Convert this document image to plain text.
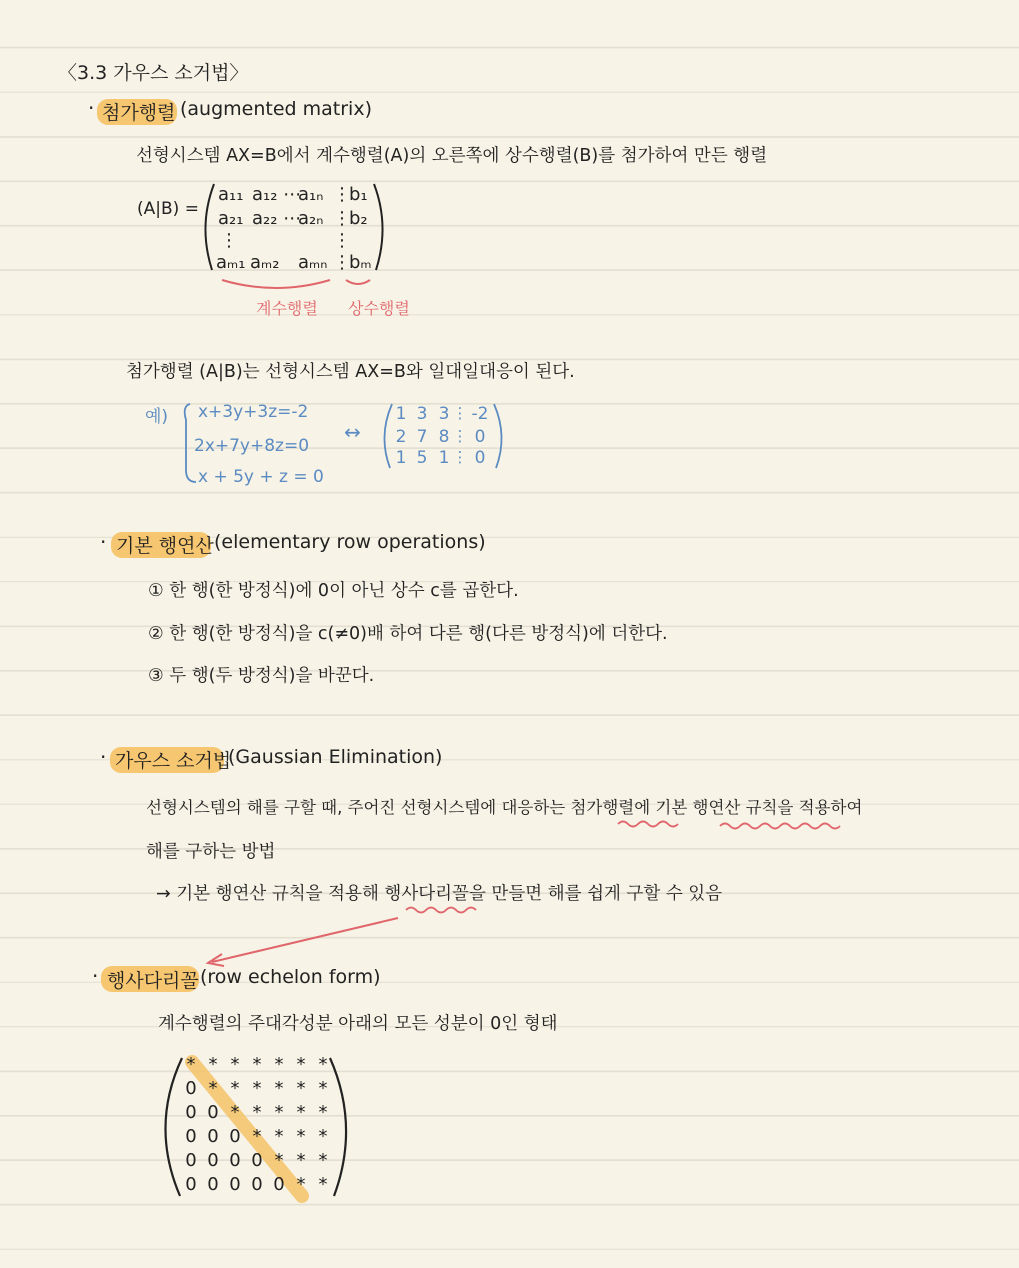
〈3.3 가우스 소거법〉
· 첨가행렬 (augmented matrix)
선형시스템 AX=B에서 계수행렬(A)의 오른쪽에 상수행렬(B)를 첨가하여 만든 행렬
(A|B) =
a₁₁ a₁₂ ⋯
a₁ₙ ⋮
b₁
a₂₁ a₂₂ ⋯
a₂ₙ ⋮
b₂
⋮	⋮
aₘ₁ aₘ₂ aₘₙ ⋮
bₘ
계수행렬 상수행렬
첨가행렬 (A|B)는 선형시스템 AX=B와 일대일대응이 된다.
예) x+3y+3z=-2
2x+7y+8z=0
x + 5y + z = 0
↔
1 3 3 ⋮ -2
2 7 8 ⋮ 0
1 5 1 ⋮ 0
· 기본 행연산 (elementary row operations)
① 한 행(한 방정식)에 0이 아닌 상수 c를 곱한다.
② 한 행(한 방정식)을 c(≠0)배 하여 다른 행(다른 방정식)에 더한다.
③ 두 행(두 방정식)을 바꾼다.
· 가우스 소거법
(Gaussian Elimination)
선형시스템의 해를 구할 때, 주어진 선형시스템에 대응하는 첨가행렬에 기본 행연산 규칙을 적용하여
해를 구하는 방법
→ 기본 행연산 규칙을 적용해 행사다리꼴을 만들면 해를 쉽게 구할 수 있음
· 행사다리꼴 (row echelon form)
계수행렬의 주대각성분 아래의 모든 성분이 0인 형태
* * * * * * *
0 * * * * * *
0 0 * * * * *
0 0 0 * * * *
0 0 0 0 * * *
0 0 0 0 0 * *
